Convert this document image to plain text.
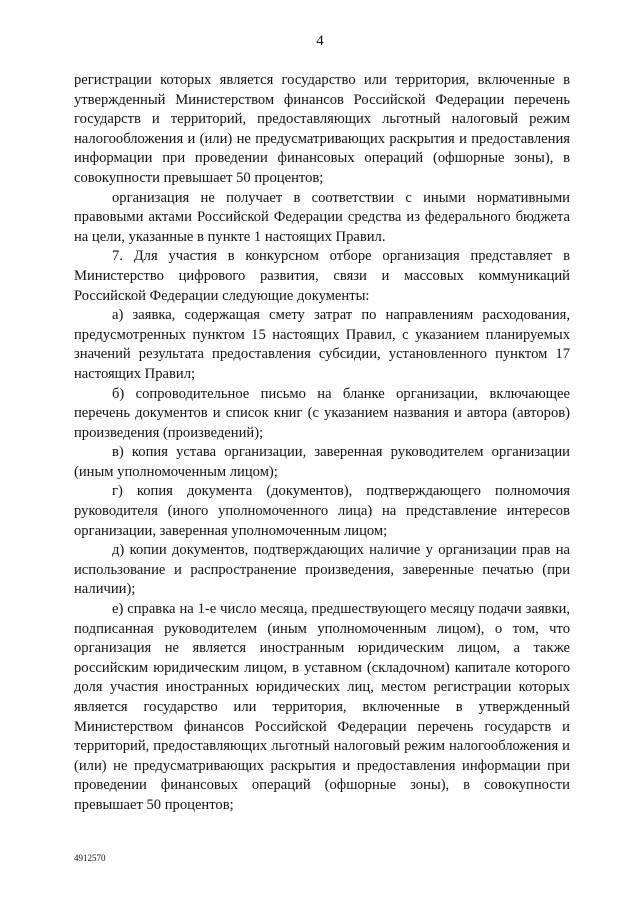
4

регистрации которых является государство или территория, включенные в утвержденный Министерством финансов Российской Федерации перечень государств и территорий, предоставляющих льготный налоговый режим налогообложения и (или) не предусматривающих раскрытия и предоставления информации при проведении финансовых операций (офшорные зоны), в совокупности превышает 50 процентов;

организация не получает в соответствии с иными нормативными правовыми актами Российской Федерации средства из федерального бюджета на цели, указанные в пункте 1 настоящих Правил.

7. Для участия в конкурсном отборе организация представляет в Министерство цифрового развития, связи и массовых коммуникаций Российской Федерации следующие документы:

а) заявка, содержащая смету затрат по направлениям расходования, предусмотренных пунктом 15 настоящих Правил, с указанием планируемых значений результата предоставления субсидии, установленного пунктом 17 настоящих Правил;

б) сопроводительное письмо на бланке организации, включающее перечень документов и список книг (с указанием названия и автора (авторов) произведения (произведений);

в) копия устава организации, заверенная руководителем организации (иным уполномоченным лицом);

г) копия документа (документов), подтверждающего полномочия руководителя (иного уполномоченного лица) на представление интересов организации, заверенная уполномоченным лицом;

д) копии документов, подтверждающих наличие у организации прав на использование и распространение произведения, заверенные печатью (при наличии);

е) справка на 1-е число месяца, предшествующего месяцу подачи заявки, подписанная руководителем (иным уполномоченным лицом), о том, что организация не является иностранным юридическим лицом, а также российским юридическим лицом, в уставном (складочном) капитале которого доля участия иностранных юридических лиц, местом регистрации которых является государство или территория, включенные в утвержденный Министерством финансов Российской Федерации перечень государств и территорий, предоставляющих льготный налоговый режим налогообложения и (или) не предусматривающих раскрытия и предоставления информации при проведении финансовых операций (офшорные зоны), в совокупности превышает 50 процентов;

4912570
